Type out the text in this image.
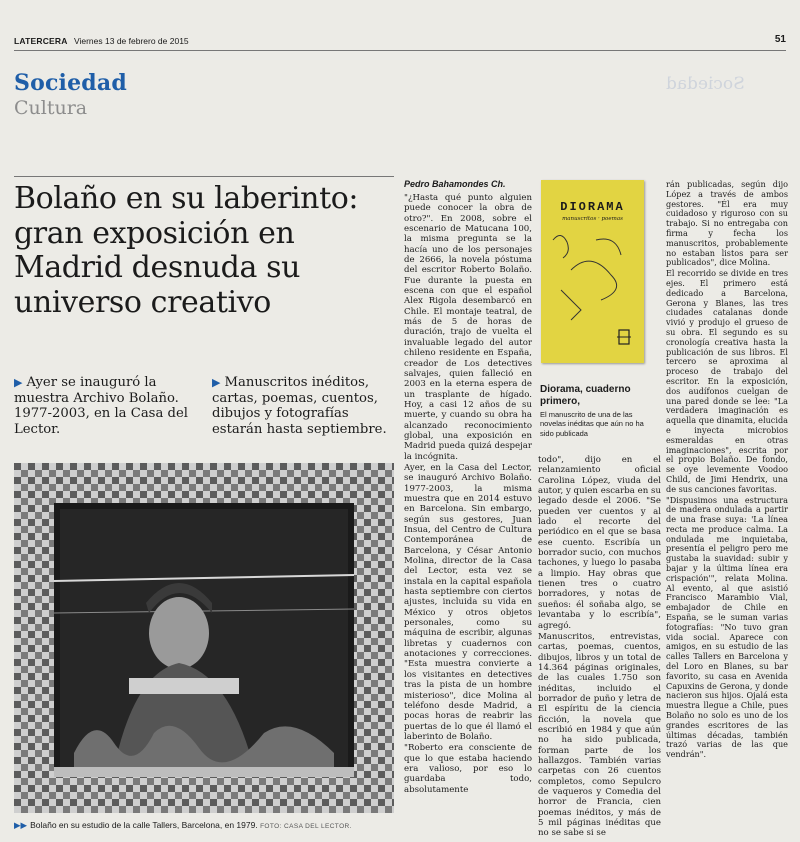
LATERCERA Viernes 13 de febrero de 2015	51
Sociedad
Cultura
Sociedad
Bolaño en su laberinto: gran exposición en Madrid desnuda su universo creativo
▶ Ayer se inauguró la muestra Archivo Bolaño. 1977-2003, en la Casa del Lector.
▶ Manuscritos inéditos, cartas, poemas, cuentos, dibujos y fotografías estarán hasta septiembre.
▶▶ Bolaño en su estudio de la calle Tallers, Barcelona, en 1979. FOTO: CASA DEL LECTOR.
Pedro Bahamondes Ch.

"¿Hasta qué punto alguien puede conocer la obra de otro?". En 2008, sobre el escenario de Matucana 100, la misma pregunta se la hacía uno de los personajes de 2666, la novela póstuma del escritor Roberto Bolaño. Fue durante la puesta en escena con que el español Alex Rigola desembarcó en Chile. El montaje teatral, de más de 5 de horas de duración, trajo de vuelta el invaluable legado del autor chileno residente en España, creador de Los detectives salvajes, quien falleció en 2003 en la eterna espera de un trasplante de hígado. Hoy, a casi 12 años de su muerte, y cuando su obra ha alcanzado reconocimiento global, una exposición en Madrid pueda quizá despejar la incógnita.

Ayer, en la Casa del Lector, se inauguró Archivo Bolaño. 1977-2003, la misma muestra que en 2014 estuvo en Barcelona. Sin embargo, según sus gestores, Juan Insua, del Centro de Cultura Contemporánea de Barcelona, y César Antonio Molina, director de la Casa del Lector, esta vez se instala en la capital española hasta septiembre con ciertos ajustes, incluida su vida en México y otros objetos personales, como su máquina de escribir, algunas libretas y cuadernos con anotaciones y correcciones. "Esta muestra convierte a los visitantes en detectives tras la pista de un hombre misterioso", dice Molina al teléfono desde Madrid, a pocas horas de reabrir las puertas de lo que él llamó el laberinto de Bolaño.

"Roberto era consciente de que lo que estaba haciendo era valioso, por eso lo guardaba todo, absolutamente

DIORAMA
manuscritos · poemas
Diorama, cuaderno primero,
El manuscrito de una de las novelas inéditas que aún no ha sido publicada

todo", dijo en el relanzamiento oficial Carolina López, viuda del autor, y quien escarba en su legado desde el 2006. "Se pueden ver cuentos y al lado el recorte del periódico en el que se basa ese cuento. Escribía un borrador sucio, con muchos tachones, y luego lo pasaba a limpio. Hay obras que tienen tres o cuatro borradores, y notas de sueños: él soñaba algo, se levantaba y lo escribía", agregó.

Manuscritos, entrevistas, cartas, poemas, cuentos, dibujos, libros y un total de 14.364 páginas originales, de las cuales 1.750 son inéditas, incluido el borrador de puño y letra de El espíritu de la ciencia ficción, la novela que escribió en 1984 y que aún no ha sido publicada, forman parte de los hallazgos. También varias carpetas con 26 cuentos completos, como Sepulcro de vaqueros y Comedia del horror de Francia, cien poemas inéditos, y más de 5 mil páginas inéditas que no se sabe si se

rán publicadas, según dijo López a través de ambos gestores. "Él era muy cuidadoso y riguroso con su trabajo. Si no entregaba con firma y fecha los manuscritos, probablemente no estaban listos para ser publicados", dice Molina.

El recorrido se divide en tres ejes. El primero está dedicado a Barcelona, Gerona y Blanes, las tres ciudades catalanas donde vivió y produjo el grueso de su obra. El segundo es su cronología creativa hasta la publicación de sus libros. El tercero se aproxima al proceso de trabajo del escritor. En la exposición, dos audífonos cuelgan de una pared donde se lee: "La verdadera imaginación es aquella que dinamita, elucida e inyecta microbios esmeraldas en otras imaginaciones", escrita por el propio Bolaño. De fondo, se oye levemente Voodoo Child, de Jimi Hendrix, una de sus canciones favoritas.

"Dispusimos una estructura de madera ondulada a partir de una frase suya: 'La línea recta me produce calma. La ondulada me inquietaba, presentía el peligro pero me gustaba la suavidad: subir y bajar y la última línea era crispación'", relata Molina. Al evento, al que asistió Francisco Marambio Vial, embajador de Chile en España, se le suman varias fotografías: "No tuvo gran vida social. Aparece con amigos, en su estudio de las calles Tallers en Barcelona y del Loro en Blanes, su bar favorito, su casa en Avenida Capuxins de Gerona, y donde nacieron sus hijos. Ojalá esta muestra llegue a Chile, pues Bolaño no solo es uno de los grandes escritores de las últimas décadas, también trazó varias de las que vendrán".
